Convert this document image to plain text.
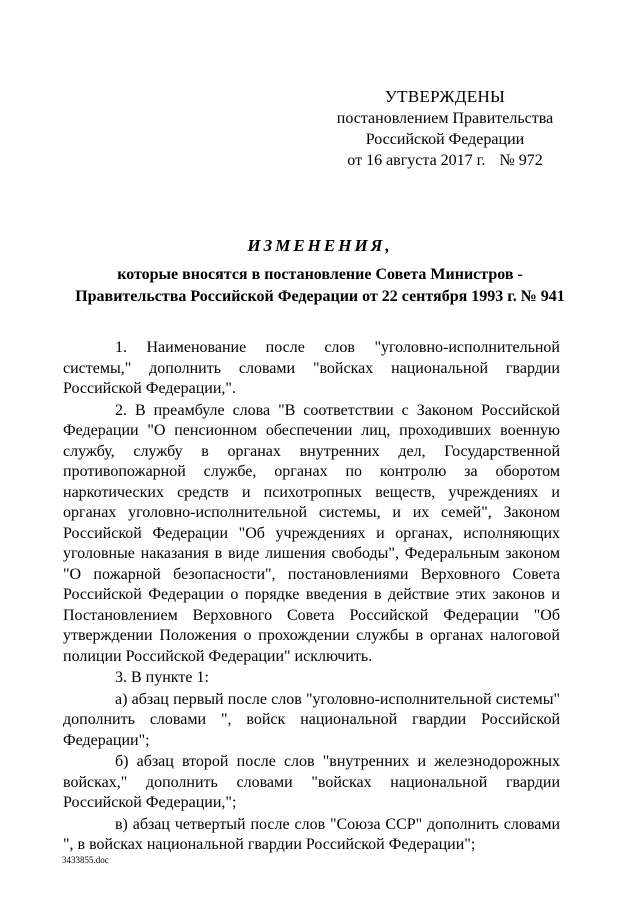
УТВЕРЖДЕНЫ
постановлением Правительства
Российской Федерации
от 16 августа 2017 г. № 972
ИЗМЕНЕНИЯ,
которые вносятся в постановление Совета Министров -
Правительства Российской Федерации от 22 сентября 1993 г. № 941

1. Наименование после слов "уголовно-исполнительной системы," дополнить словами "войсках национальной гвардии Российской Федерации,".

2. В преамбуле слова "В соответствии с Законом Российской Федерации "О пенсионном обеспечении лиц, проходивших военную службу, службу в органах внутренних дел, Государственной противопожарной службе, органах по контролю за оборотом наркотических средств и психотропных веществ, учреждениях и органах уголовно-исполнительной системы, и их семей", Законом Российской Федерации "Об учреждениях и органах, исполняющих уголовные наказания в виде лишения свободы", Федеральным законом "О пожарной безопасности", постановлениями Верховного Совета Российской Федерации о порядке введения в действие этих законов и Постановлением Верховного Совета Российской Федерации "Об утверждении Положения о прохождении службы в органах налоговой полиции Российской Федерации" исключить.

3. В пункте 1:

а) абзац первый после слов "уголовно-исполнительной системы" дополнить словами ", войск национальной гвардии Российской Федерации";

б) абзац второй после слов "внутренних и железнодорожных войсках," дополнить словами "войсках национальной гвардии Российской Федерации,";

в) абзац четвертый после слов "Союза ССР" дополнить словами ", в войсках национальной гвардии Российской Федерации";

3433855.doc
